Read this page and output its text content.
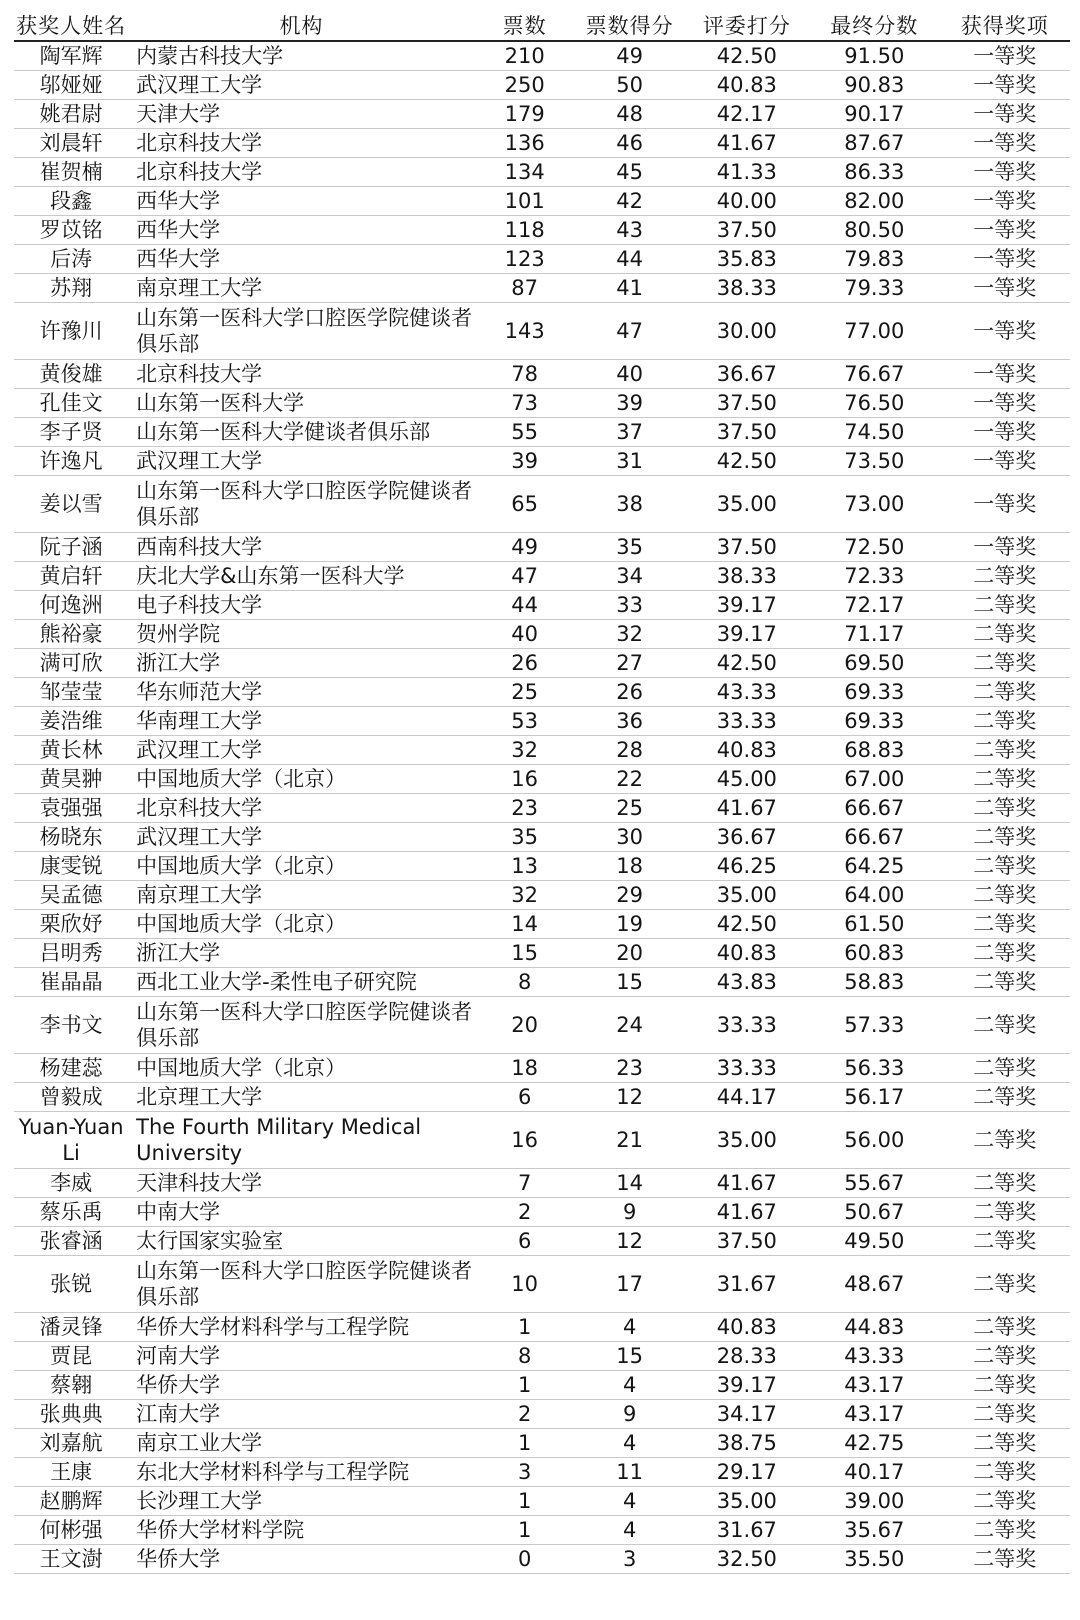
获奖人姓名	机构	票数	票数得分	评委打分	最终分数	获得奖项
陶军辉	内蒙古科技大学	210	49	42.50	91.50	一等奖
邬娅娅	武汉理工大学	250	50	40.83	90.83	一等奖
姚君尉	天津大学	179	48	42.17	90.17	一等奖
刘晨轩	北京科技大学	136	46	41.67	87.67	一等奖
崔贺楠	北京科技大学	134	45	41.33	86.33	一等奖
段鑫	西华大学	101	42	40.00	82.00	一等奖
罗苡铭	西华大学	118	43	37.50	80.50	一等奖
后涛	西华大学	123	44	35.83	79.83	一等奖
苏翔	南京理工大学	87	41	38.33	79.33	一等奖
许豫川	山东第一医科大学口腔医学院健谈者俱乐部	143	47	30.00	77.00	一等奖
黄俊雄	北京科技大学	78	40	36.67	76.67	一等奖
孔佳文	山东第一医科大学	73	39	37.50	76.50	一等奖
李子贤	山东第一医科大学健谈者俱乐部	55	37	37.50	74.50	一等奖
许逸凡	武汉理工大学	39	31	42.50	73.50	一等奖
姜以雪	山东第一医科大学口腔医学院健谈者俱乐部	65	38	35.00	73.00	一等奖
阮子涵	西南科技大学	49	35	37.50	72.50	一等奖
黄启轩	庆北大学&山东第一医科大学	47	34	38.33	72.33	二等奖
何逸洲	电子科技大学	44	33	39.17	72.17	二等奖
熊裕豪	贺州学院	40	32	39.17	71.17	二等奖
满可欣	浙江大学	26	27	42.50	69.50	二等奖
邹莹莹	华东师范大学	25	26	43.33	69.33	二等奖
姜浩维	华南理工大学	53	36	33.33	69.33	二等奖
黄长林	武汉理工大学	32	28	40.83	68.83	二等奖
黄昊翀	中国地质大学（北京）	16	22	45.00	67.00	二等奖
袁强强	北京科技大学	23	25	41.67	66.67	二等奖
杨晓东	武汉理工大学	35	30	36.67	66.67	二等奖
康雯锐	中国地质大学（北京）	13	18	46.25	64.25	二等奖
吴孟德	南京理工大学	32	29	35.00	64.00	二等奖
栗欣妤	中国地质大学（北京）	14	19	42.50	61.50	二等奖
吕明秀	浙江大学	15	20	40.83	60.83	二等奖
崔晶晶	西北工业大学-柔性电子研究院	8	15	43.83	58.83	二等奖
李书文	山东第一医科大学口腔医学院健谈者俱乐部	20	24	33.33	57.33	二等奖
杨建蕊	中国地质大学（北京）	18	23	33.33	56.33	二等奖
曾毅成	北京理工大学	6	12	44.17	56.17	二等奖
Yuan-Yuan Li	The Fourth Military Medical University	16	21	35.00	56.00	二等奖
李威	天津科技大学	7	14	41.67	55.67	二等奖
蔡乐禹	中南大学	2	9	41.67	50.67	二等奖
张睿涵	太行国家实验室	6	12	37.50	49.50	二等奖
张锐	山东第一医科大学口腔医学院健谈者俱乐部	10	17	31.67	48.67	二等奖
潘灵锋	华侨大学材料科学与工程学院	1	4	40.83	44.83	二等奖
贾昆	河南大学	8	15	28.33	43.33	二等奖
蔡翱	华侨大学	1	4	39.17	43.17	二等奖
张典典	江南大学	2	9	34.17	43.17	二等奖
刘嘉航	南京工业大学	1	4	38.75	42.75	二等奖
王康	东北大学材料科学与工程学院	3	11	29.17	40.17	二等奖
赵鹏辉	长沙理工大学	1	4	35.00	39.00	二等奖
何彬强	华侨大学材料学院	1	4	31.67	35.67	二等奖
王文澍	华侨大学	0	3	32.50	35.50	二等奖
